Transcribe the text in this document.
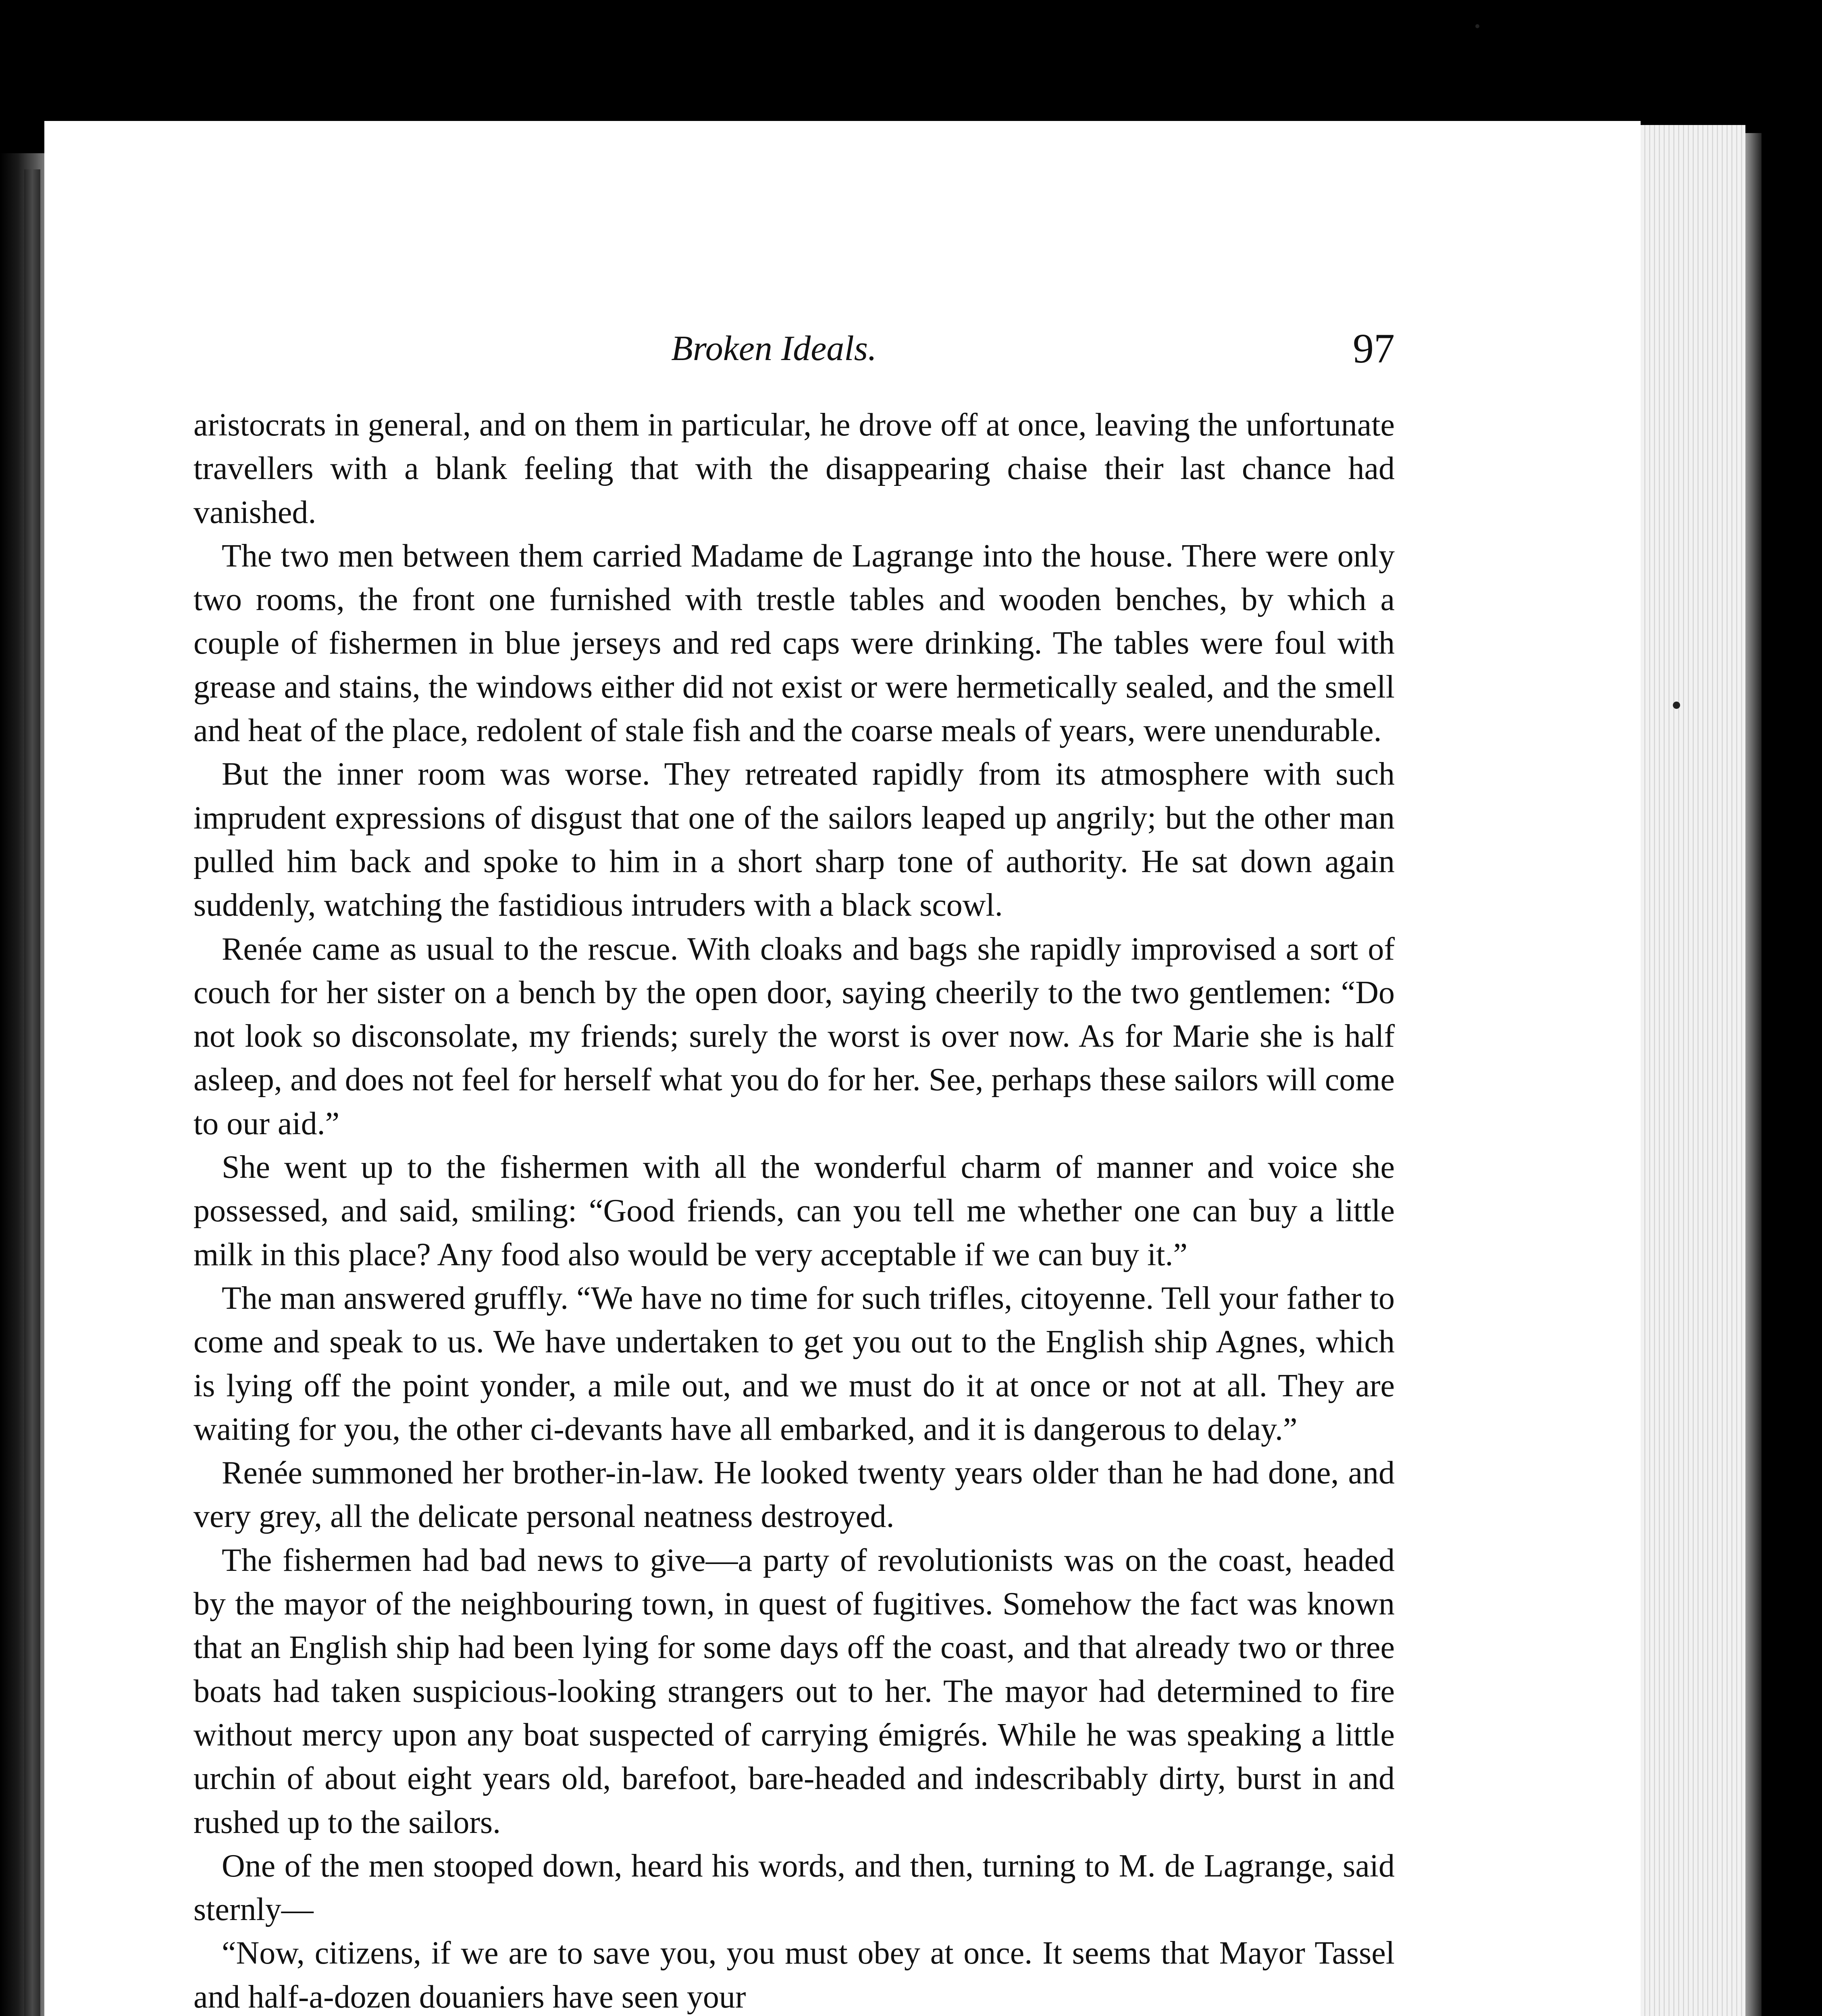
Broken Ideals.	97

aristocrats in general, and on them in particular, he drove off at once, leaving the unfortunate travellers with a blank feeling that with the disappearing chaise their last chance had vanished.

The two men between them carried Madame de Lagrange into the house. There were only two rooms, the front one furnished with trestle tables and wooden benches, by which a couple of fishermen in blue jerseys and red caps were drinking. The tables were foul with grease and stains, the windows either did not exist or were hermetically sealed, and the smell and heat of the place, redolent of stale fish and the coarse meals of years, were unendurable.

But the inner room was worse. They retreated rapidly from its atmosphere with such imprudent expressions of disgust that one of the sailors leaped up angrily; but the other man pulled him back and spoke to him in a short sharp tone of authority. He sat down again suddenly, watching the fastidious intruders with a black scowl.

Renée came as usual to the rescue. With cloaks and bags she rapidly improvised a sort of couch for her sister on a bench by the open door, saying cheerily to the two gentlemen: “Do not look so disconsolate, my friends; surely the worst is over now. As for Marie she is half asleep, and does not feel for herself what you do for her. See, perhaps these sailors will come to our aid.”

She went up to the fishermen with all the wonderful charm of manner and voice she possessed, and said, smiling: “Good friends, can you tell me whether one can buy a little milk in this place? Any food also would be very acceptable if we can buy it.”

The man answered gruffly. “We have no time for such trifles, citoyenne. Tell your father to come and speak to us. We have undertaken to get you out to the English ship Agnes, which is lying off the point yonder, a mile out, and we must do it at once or not at all. They are waiting for you, the other ci-devants have all embarked, and it is dangerous to delay.”

Renée summoned her brother-in-law. He looked twenty years older than he had done, and very grey, all the delicate personal neatness destroyed.

The fishermen had bad news to give—a party of revolutionists was on the coast, headed by the mayor of the neighbouring town, in quest of fugitives. Somehow the fact was known that an English ship had been lying for some days off the coast, and that already two or three boats had taken suspicious-looking strangers out to her. The mayor had determined to fire without mercy upon any boat suspected of carrying émigrés. While he was speaking a little urchin of about eight years old, barefoot, bare-headed and indescribably dirty, burst in and rushed up to the sailors.

One of the men stooped down, heard his words, and then, turning to M. de Lagrange, said sternly—

“Now, citizens, if we are to save you, you must obey at once. It seems that Mayor Tassel and half-a-dozen douaniers have seen your
